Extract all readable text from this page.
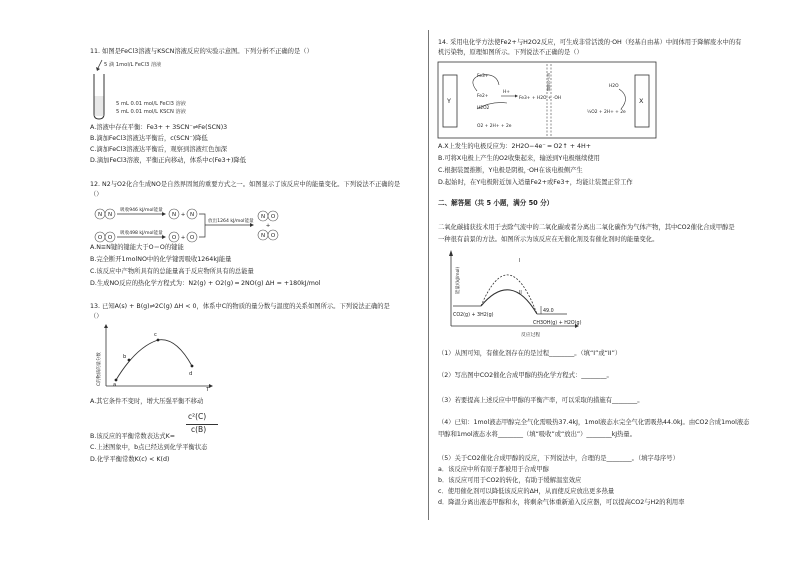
11. 如图是FeCl3溶液与KSCN溶液反应的实验示意图。下列分析不正确的是（）
5 滴 1mol/L FeCl3 溶液
5 mL 0.01 mol/L FeCl3 溶液
5 mL 0.01 mol/L KSCN 溶液
A.溶液中存在平衡：Fe3+ + 3SCN⁻⇌Fe(SCN)3
B.滴加FeCl3溶液达平衡后，c(SCN⁻)降低
C.滴加FeCl3溶液达平衡后，观察到溶液红色加深
D.滴加FeCl3溶液，平衡正向移动，体系中c(Fe3+)降低
12. N2与O2化合生成NO是自然界固氮的重要方式之一。如图显示了该反应中的能量变化。下列说法不正确的是
（）
N N
O O
吸收946 kJ/mol能量
吸收498 kJ/mol能量
N	N
O O
+
+
放出1264 kJ/mol能量
N O
N O
+
A.N≡N键的键能大于O＝O的键能
B.完全断开1molNO中的化学键需吸收1264kJ能量
C.该反应中产物所具有的总能量高于反应物所具有的总能量
D.生成NO反应的热化学方程式为：N2(g) + O2(g) ═ 2NO(g) ΔH = +180kJ/mol
13. 已知A(s) + B(g)⇌2C(g) ΔH < 0，体系中C的物质的量分数与温度的关系如图所示。下列说法正确的是
（）
a
b
c
d
T
C的物质的量分数
A.其它条件不变时，增大压强平衡不移动
B.该反应的平衡常数表达式K=
c²(C)
c(B)
C.上述图象中，b点已经达到化学平衡状态
D.化学平衡常数K(c) < K(d)
14. 采用电化学方法使Fe2+与H2O2反应，可生成非常活泼的·OH（羟基自由基）中间体用于降解废水中的有
机污染物，原理如图所示。下列说法不正确的是（）
质子交换膜
Y	X
Fe3+
Fe2+
H2O2
H+
Fe3+ + H2O + ·OH
O2 + 2H+ + 2e
H2O
½O2 + 2H+ + 2e
A.X上发生的电极反应为：2H2O−4e⁻ ═ O2↑ + 4H+
B.可将X电极上产生的O2收集起来，输送到Y电极继续使用
C.根据装置推断，Y电极是阴极，·OH在该电极侧产生
D.起始时，在Y电极附近加入适量Fe2+或Fe3+，均能让装置正常工作
二、解答题（共 5 小题，满分 50 分）
二氧化碳捕获技术用于去除气流中的二氧化碳或者分离出二氧化碳作为气体产物，其中CO2催化合成甲醇是
一种很有前景的方法。如图所示为该反应在无催化剂及有催化剂时的能量变化。
能量/(kJ/mol)
I
II
CO2(g) + 3H2(g)
49.0
CH3OH(g) + H2O(g)
反应过程
（1）从图可知，有催化剂存在的是过程________。（填“I”或“II”）
（2）写出图中CO2催化合成甲醇的热化学方程式：________。
（3）若要提高上述反应中甲醇的平衡产率，可以采取的措施有________。
（4）已知：1mol液态甲醇完全气化需吸热37.4kJ，1mol液态水完全气化需吸热44.0kJ。由CO2合成1mol液态
甲醇和1mol液态水将________（填“吸收”或“放出”）________kJ热量。
（5）关于CO2催化合成甲醇的反应，下列说法中，合理的是________。（填字母序号）
a．该反应中所有原子都被用于合成甲醇
b．该反应可用于CO2的转化，有助于缓解温室效应
c．使用催化剂可以降低该反应的ΔH，从而使反应放出更多热量
d．降温分离出液态甲醇和水，将剩余气体重新通入反应器，可以提高CO2与H2的利用率
